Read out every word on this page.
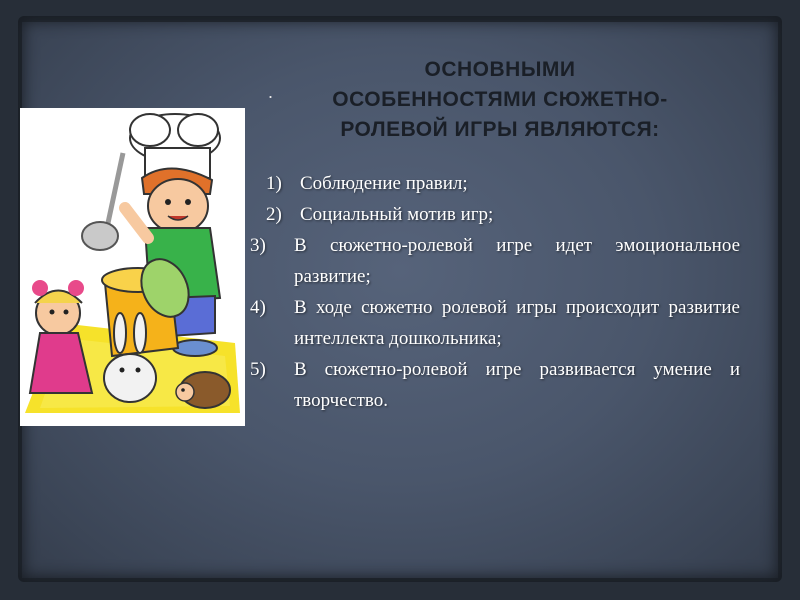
.
ОСНОВНЫМИ
ОСОБЕННОСТЯМИ СЮЖЕТНО-
РОЛЕВОЙ ИГРЫ ЯВЛЯЮТСЯ:
1) Соблюдение правил;
2) Социальный мотив игр;
3)	В сюжетно-ролевой игре идет эмоциональное развитие;
4)	В ходе сюжетно ролевой игры происходит развитие интеллекта дошкольника;
5)	В сюжетно-ролевой игре развивается умение и творчество.
